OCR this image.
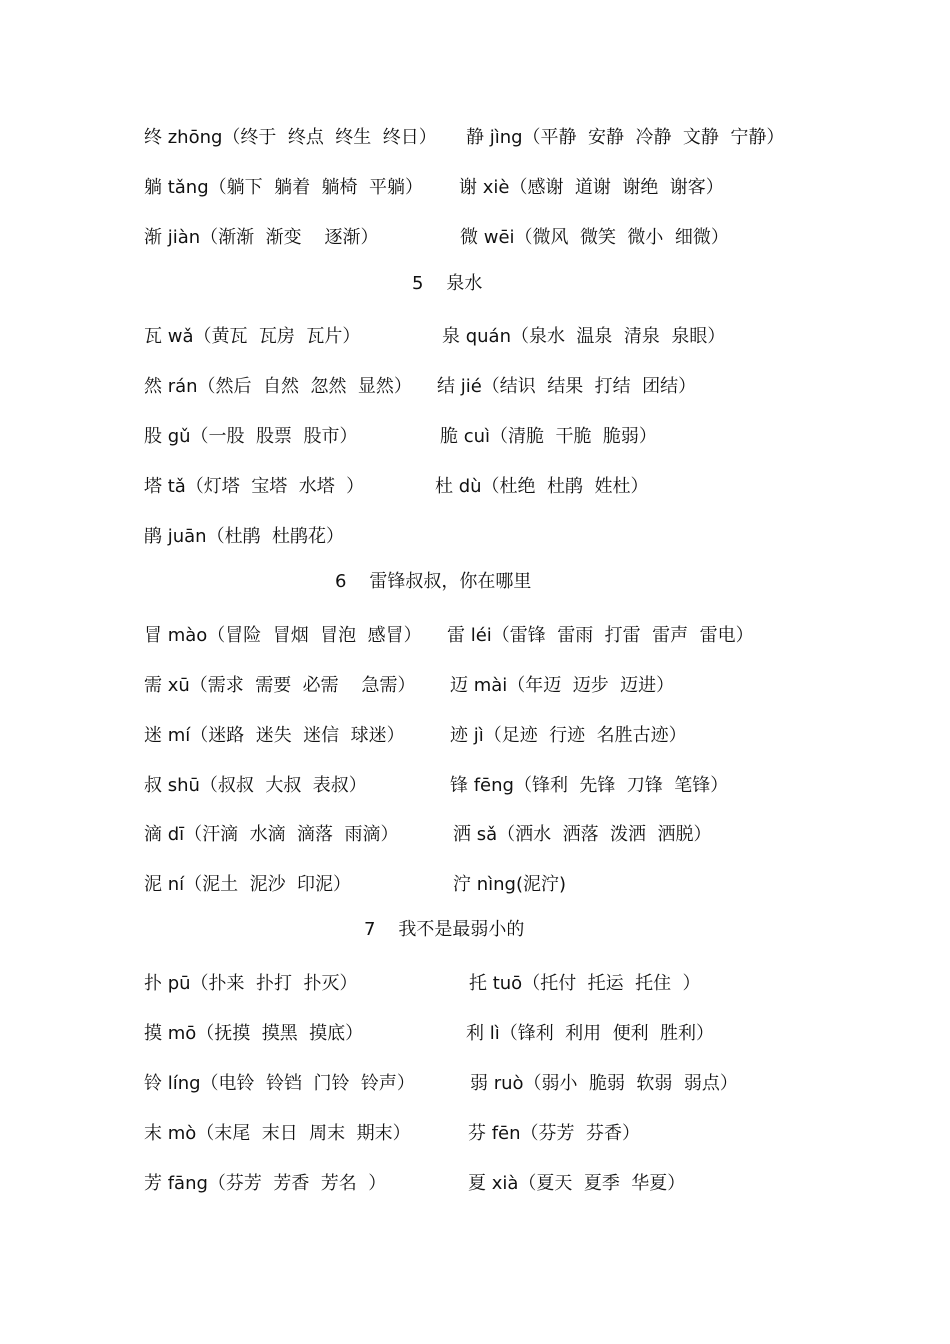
终 zhōng（终于  终点  终生  终日） 静 jìng（平静  安静  冷静  文静  宁静）
躺 tǎng（躺下  躺着  躺椅  平躺） 谢 xiè（感谢  道谢  谢绝  谢客）
渐 jiàn（渐渐  渐变    逐渐）	微 wēi（微风  微笑  微小  细微）
5    泉水
瓦 wǎ（黄瓦  瓦房  瓦片）	泉 quán（泉水  温泉  清泉  泉眼）
然 rán（然后  自然  忽然  显然） 结 jié（结识  结果  打结  团结）
股 gǔ（一股  股票  股市）	脆 cuì（清脆  干脆  脆弱）
塔 tǎ（灯塔  宝塔  水塔  ）	杜 dù（杜绝  杜鹃  姓杜）
鹃 juān（杜鹃  杜鹃花）
6    雷锋叔叔，你在哪里
冒 mào（冒险  冒烟  冒泡  感冒） 雷 léi（雷锋  雷雨  打雷  雷声  雷电）
需 xū（需求  需要  必需    急需） 迈 mài（年迈  迈步  迈进）
迷 mí（迷路  迷失  迷信  球迷）	迹 jì（足迹  行迹  名胜古迹）
叔 shū（叔叔  大叔  表叔）	锋 fēng（锋利  先锋  刀锋  笔锋）
滴 dī（汗滴  水滴  滴落  雨滴）	洒 sǎ（洒水  洒落  泼洒  洒脱）
泥 ní（泥土  泥沙  印泥）	泞 nìng(泥泞)
7    我不是最弱小的
扑 pū（扑来  扑打  扑灭）	托 tuō（托付  托运  托住  ）
摸 mō（抚摸  摸黑  摸底）	利 lì（锋利  利用  便利  胜利）
铃 líng（电铃  铃铛  门铃  铃声）	弱 ruò（弱小  脆弱  软弱  弱点）
末 mò（末尾  末日  周末  期末）	芬 fēn（芬芳  芬香）
芳 fāng（芬芳  芳香  芳名  ）	夏 xià（夏天  夏季  华夏）
